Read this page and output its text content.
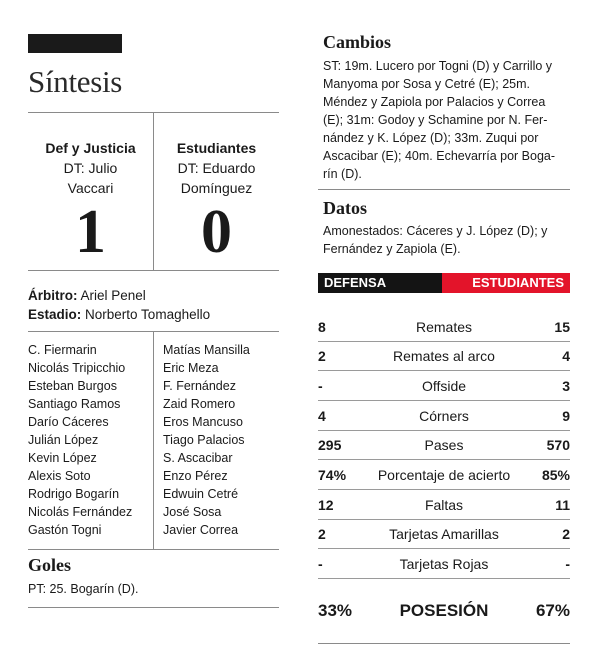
Síntesis
Def y Justicia
DT: Julio
Vaccari
1
Estudiantes
DT: Eduardo
Domínguez
0
Árbitro: Ariel Penel
Estadio: Norberto Tomaghello
C. Fiermarin
Nicolás Tripicchio
Esteban Burgos
Santiago Ramos
Darío Cáceres
Julián López
Kevin López
Alexis Soto
Rodrigo Bogarín
Nicolás Fernández
Gastón Togni
Matías Mansilla
Eric Meza
F. Fernández
Zaid Romero
Eros Mancuso
Tiago Palacios
S. Ascacibar
Enzo Pérez
Edwuin Cetré
José Sosa
Javier Correa
Goles
PT: 25. Bogarín (D).
Cambios
ST: 19m. Lucero por Togni (D) y Carrillo y
Manyoma por Sosa y Cetré (E); 25m.
Méndez y Zapiola por Palacios y Correa
(E); 31m: Godoy y Schamine por N. Fer-
nández y K. López (D); 33m. Zuqui por
Ascacibar (E); 40m. Echevarría por Boga-
rín (D).
Datos
Amonestados: Cáceres y J. López (D); y
Fernández y Zapiola (E).
DEFENSA	ESTUDIANTES
8	Remates	15
2	Remates al arco	4
-	Offside	3
4	Córners	9
295	Pases	570
74%	Porcentaje de acierto	85%
12	Faltas	11
2	Tarjetas Amarillas	2
-	Tarjetas Rojas	-
33%	POSESIÓN	67%
